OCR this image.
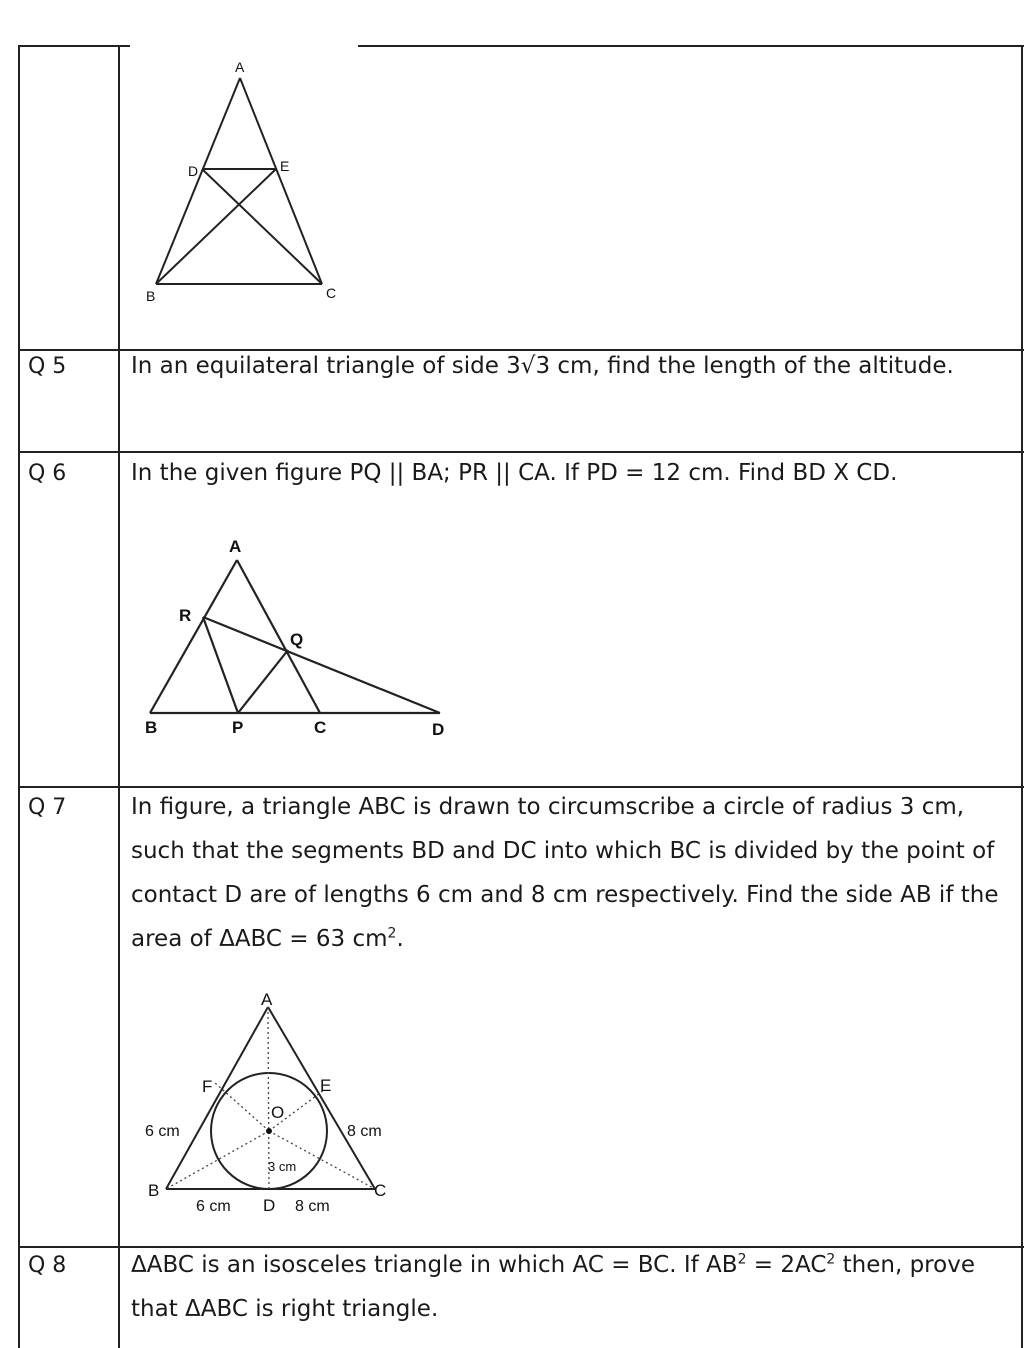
A
D	E
B	C
Q 5	In an equilateral triangle of side 3√3 cm, find the length of the altitude.
Q 6	In the given figure PQ || BA; PR || CA. If PD = 12 cm. Find BD X CD.
A
R
Q
B	P	C	D
Q 7	In figure, a triangle ABC is drawn to circumscribe a circle of radius 3 cm, such that the segments BD and DC into which BC is divided by the point of contact D are of lengths 6 cm and 8 cm respectively. Find the side AB if the area of ΔABC = 63 $cm^2$.
A
F	E
O
B	C
D
6 cm	8 cm
3 cm
6 cm	8 cm
Q 8	ΔABC is an isosceles triangle in which AC = BC. If $AB^2 = 2AC^2$ then, prove that ΔABC is right triangle.
